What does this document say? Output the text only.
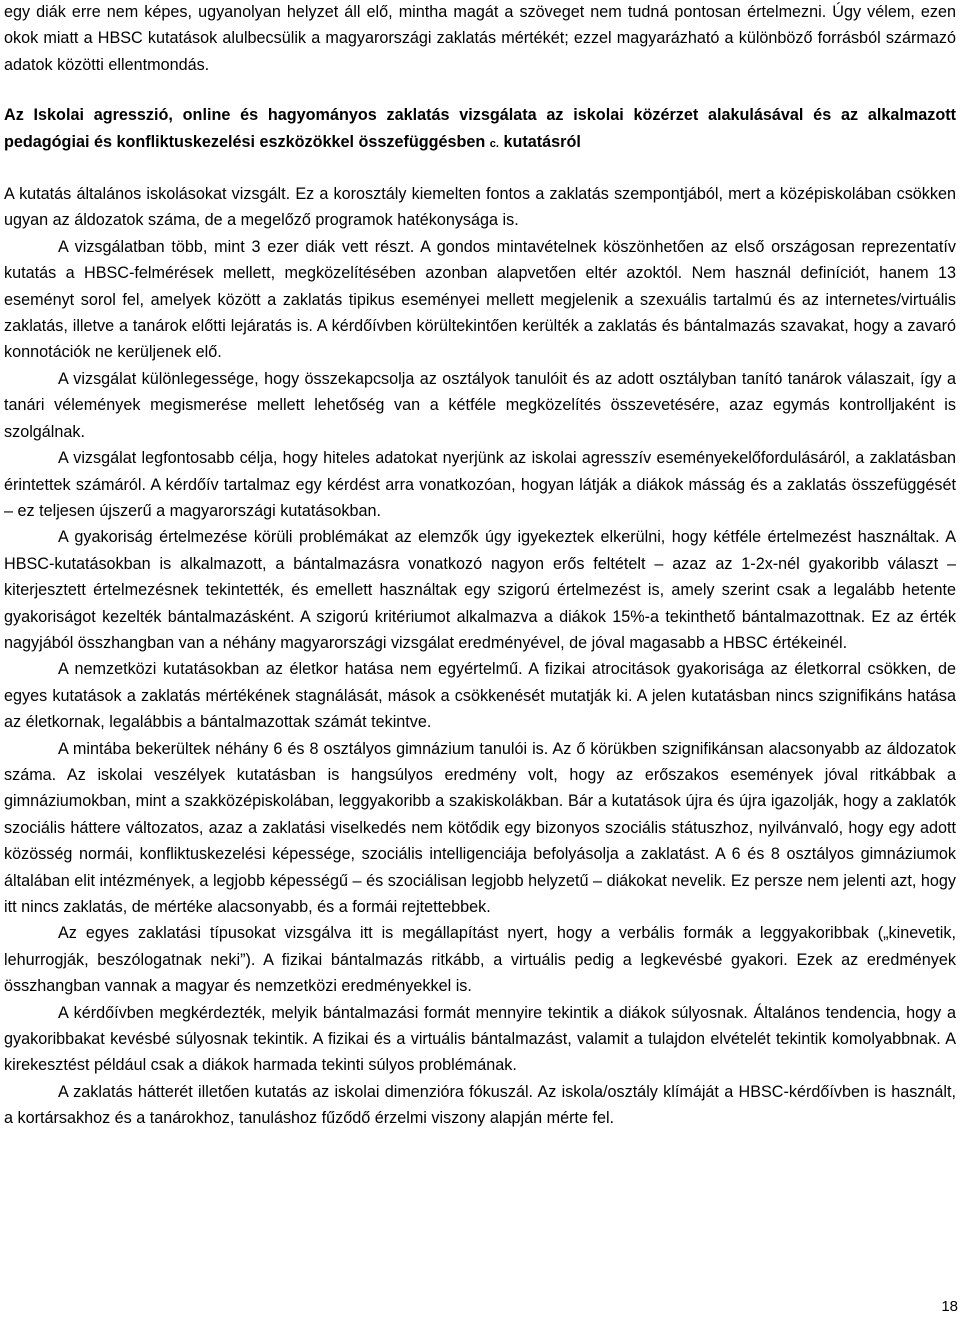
egy diák erre nem képes, ugyanolyan helyzet áll elő, mintha magát a szöveget nem tudná pontosan értelmezni. Úgy vélem, ezen okok miatt a HBSC kutatások alulbecsülik a magyarországi zaklatás mértékét; ezzel magyarázható a különböző forrásból származó adatok közötti ellentmondás.

Az Iskolai agresszió, online és hagyományos zaklatás vizsgálata az iskolai közérzet alakulásával és az alkalmazott pedagógiai és konfliktuskezelési eszközökkel összefüggésben c. kutatásról

A kutatás általános iskolásokat vizsgált. Ez a korosztály kiemelten fontos a zaklatás szempontjából, mert a középiskolában csökken ugyan az áldozatok száma, de a megelőző programok hatékonysága is.

A vizsgálatban több, mint 3 ezer diák vett részt. A gondos mintavételnek köszönhetően az első országosan reprezentatív kutatás a HBSC-felmérések mellett, megközelítésében azonban alapvetően eltér azoktól. Nem használ definíciót, hanem 13 eseményt sorol fel, amelyek között a zaklatás tipikus eseményei mellett megjelenik a szexuális tartalmú és az internetes/virtuális zaklatás, illetve a tanárok előtti lejáratás is. A kérdőívben körültekintően kerülték a zaklatás és bántalmazás szavakat, hogy a zavaró konnotációk ne kerüljenek elő.

A vizsgálat különlegessége, hogy összekapcsolja az osztályok tanulóit és az adott osztályban tanító tanárok válaszait, így a tanári vélemények megismerése mellett lehetőség van a kétféle megközelítés összevetésére, azaz egymás kontrolljaként is szolgálnak.

A vizsgálat legfontosabb célja, hogy hiteles adatokat nyerjünk az iskolai agresszív eseményekelőfordulásáról, a zaklatásban érintettek számáról. A kérdőív tartalmaz egy kérdést arra vonatkozóan, hogyan látják a diákok másság és a zaklatás összefüggését – ez teljesen újszerű a magyarországi kutatásokban.

A gyakoriság értelmezése körüli problémákat az elemzők úgy igyekeztek elkerülni, hogy kétféle értelmezést használtak. A HBSC-kutatásokban is alkalmazott, a bántalmazásra vonatkozó nagyon erős feltételt – azaz az 1-2x-nél gyakoribb választ – kiterjesztett értelmezésnek tekintették, és emellett használtak egy szigorú értelmezést is, amely szerint csak a legalább hetente gyakoriságot kezelték bántalmazásként. A szigorú kritériumot alkalmazva a diákok 15%-a tekinthető bántalmazottnak. Ez az érték nagyjából összhangban van a néhány magyarországi vizsgálat eredményével, de jóval magasabb a HBSC értékeinél.

A nemzetközi kutatásokban az életkor hatása nem egyértelmű. A fizikai atrocitások gyakorisága az életkorral csökken, de egyes kutatások a zaklatás mértékének stagnálását, mások a csökkenését mutatják ki. A jelen kutatásban nincs szignifikáns hatása az életkornak, legalábbis a bántalmazottak számát tekintve.

A mintába bekerültek néhány 6 és 8 osztályos gimnázium tanulói is. Az ő körükben szignifikánsan alacsonyabb az áldozatok száma. Az iskolai veszélyek kutatásban is hangsúlyos eredmény volt, hogy az erőszakos események jóval ritkábbak a gimnáziumokban, mint a szakközépiskolában, leggyakoribb a szakiskolákban. Bár a kutatások újra és újra igazolják, hogy a zaklatók szociális háttere változatos, azaz a zaklatási viselkedés nem kötődik egy bizonyos szociális státuszhoz, nyilvánvaló, hogy egy adott közösség normái, konfliktuskezelési képessége, szociális intelligenciája befolyásolja a zaklatást. A 6 és 8 osztályos gimnáziumok általában elit intézmények, a legjobb képességű – és szociálisan legjobb helyzetű – diákokat nevelik. Ez persze nem jelenti azt, hogy itt nincs zaklatás, de mértéke alacsonyabb, és a formái rejtettebbek.

Az egyes zaklatási típusokat vizsgálva itt is megállapítást nyert, hogy a verbális formák a leggyakoribbak („kinevetik, lehurrogják, beszólogatnak neki”). A fizikai bántalmazás ritkább, a virtuális pedig a legkevésbé gyakori. Ezek az eredmények összhangban vannak a magyar és nemzetközi eredményekkel is.

A kérdőívben megkérdezték, melyik bántalmazási formát mennyire tekintik a diákok súlyosnak. Általános tendencia, hogy a gyakoribbakat kevésbé súlyosnak tekintik. A fizikai és a virtuális bántalmazást, valamit a tulajdon elvételét tekintik komolyabbnak. A kirekesztést például csak a diákok harmada tekinti súlyos problémának.

A zaklatás hátterét illetően kutatás az iskolai dimenzióra fókuszál. Az iskola/osztály klímáját a HBSC-kérdőívben is használt, a kortársakhoz és a tanárokhoz, tanuláshoz fűződő érzelmi viszony alapján mérte fel.

18
